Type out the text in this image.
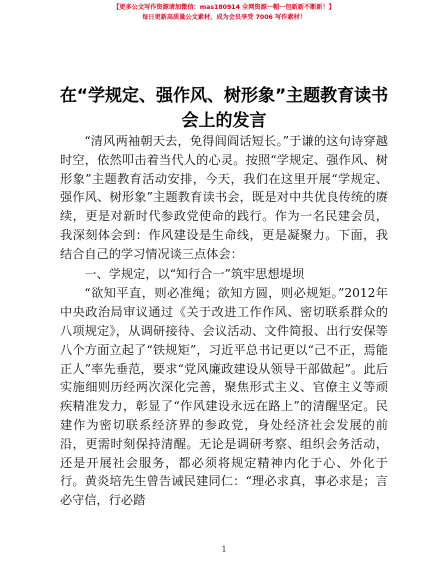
【更多公文写作资源请加微信：mas180914 全网资源一帽一包新新不断新！】
每日更新高质量公文素材，成为会员享受 7006 写作素材！
在“学规定、强作风、树形象”主题教育读书
会上的发言

“清风两袖朝天去，免得闾阎话短长。”于谦的这句诗穿越时空，依然叩击着当代人的心灵。按照“学规定、强作风、树形象”主题教育活动安排，今天，我们在这里开展“学规定、强作风、树形象”主题教育读书会，既是对中共优良传统的赓续，更是对新时代参政党使命的践行。作为一名民建会员，我深刻体会到：作风建设是生命线，更是凝聚力。下面，我结合自己的学习情况谈三点体会：

一、学规定，以“知行合一”筑牢思想堤坝

“欲知平直，则必准绳；欲知方圆，则必规矩。”2012年中央政治局审议通过《关于改进工作作风、密切联系群众的八项规定》，从调研接待、会议活动、文件简报、出行安保等八个方面立起了“铁规矩”，习近平总书记更以“己不正，焉能正人”率先垂范，要求“党风廉政建设从领导干部做起”。此后实施细则历经两次深化完善，聚焦形式主义、官僚主义等顽疾精准发力，彰显了“作风建设永远在路上”的清醒坚定。民建作为密切联系经济界的参政党，身处经济社会发展的前沿，更需时刻保持清醒。无论是调研考察、组织会务活动，还是开展社会服务，都必须将规定精神内化于心、外化于行。黄炎培先生曾告诫民建同仁：“理必求真，事必求是；言必守信，行必踏

1
